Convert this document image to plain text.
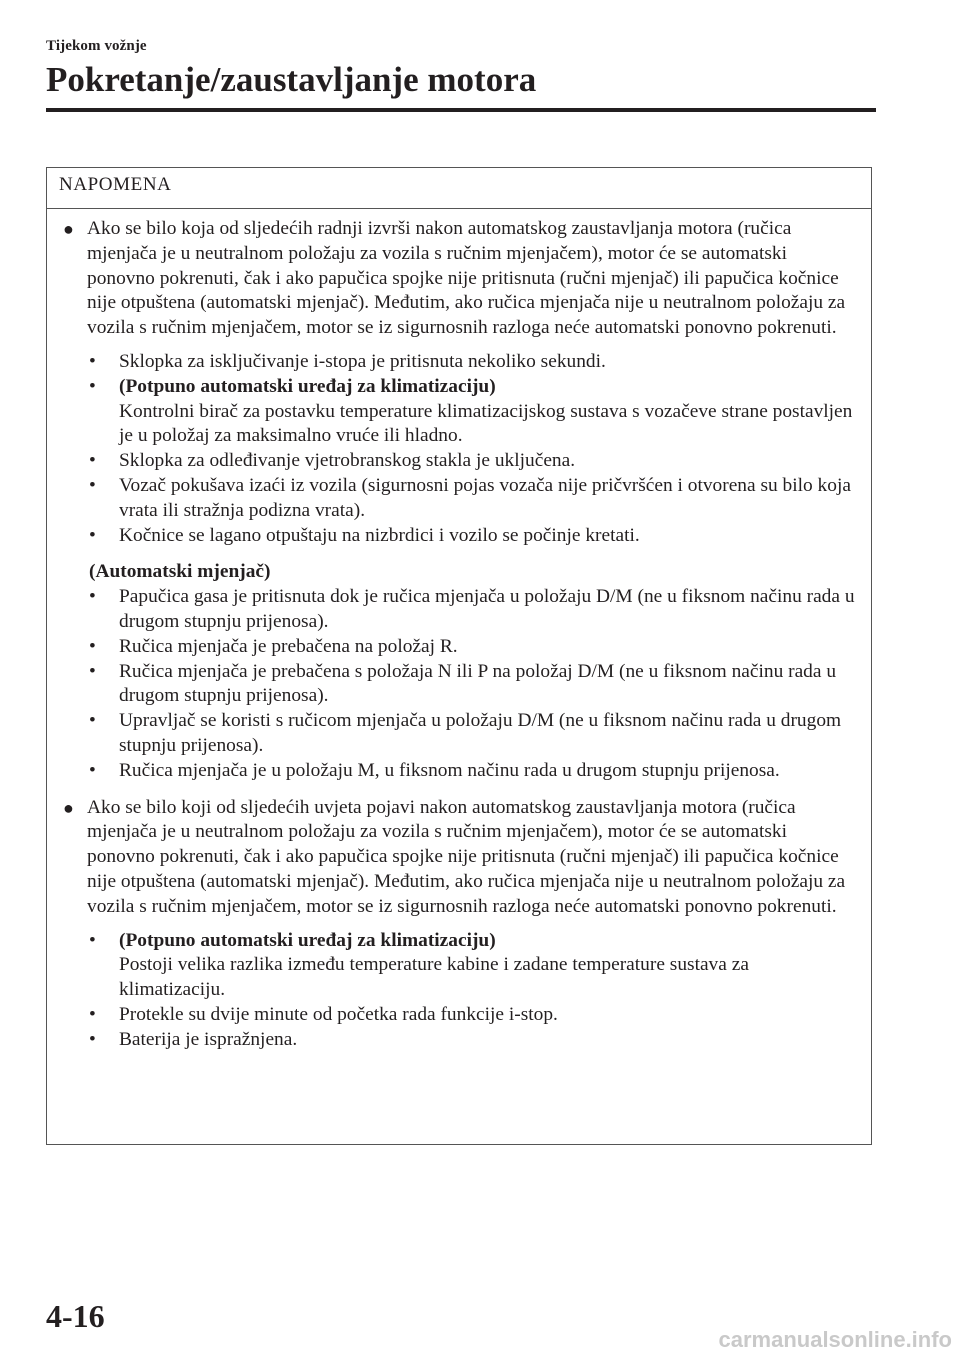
Tijekom vožnje
Pokretanje/zaustavljanje motora
NAPOMENA
● Ako se bilo koja od sljedećih radnji izvrši nakon automatskog zaustavljanja motora (ručica mjenjača je u neutralnom položaju za vozila s ručnim mjenjačem), motor će se automatski ponovno pokrenuti, čak i ako papučica spojke nije pritisnuta (ručni mjenjač) ili papučica kočnice nije otpuštena (automatski mjenjač). Međutim, ako ručica mjenjača nije u neutralnom položaju za vozila s ručnim mjenjačem, motor se iz sigurnosnih razloga neće automatski ponovno pokrenuti.
• Sklopka za isključivanje i-stopa je pritisnuta nekoliko sekundi.
• (Potpuno automatski uređaj za klimatizaciju)
Kontrolni birač za postavku temperature klimatizacijskog sustava s vozačeve strane postavljen je u položaj za maksimalno vruće ili hladno.
• Sklopka za odleđivanje vjetrobranskog stakla je uključena.
• Vozač pokušava izaći iz vozila (sigurnosni pojas vozača nije pričvršćen i otvorena su bilo koja vrata ili stražnja podizna vrata).
• Kočnice se lagano otpuštaju na nizbrdici i vozilo se počinje kretati.
(Automatski mjenjač)
• Papučica gasa je pritisnuta dok je ručica mjenjača u položaju D/M (ne u fiksnom načinu rada u drugom stupnju prijenosa).
• Ručica mjenjača je prebačena na položaj R.
• Ručica mjenjača je prebačena s položaja N ili P na položaj D/M (ne u fiksnom načinu rada u drugom stupnju prijenosa).
• Upravljač se koristi s ručicom mjenjača u položaju D/M (ne u fiksnom načinu rada u drugom stupnju prijenosa).
• Ručica mjenjača je u položaju M, u fiksnom načinu rada u drugom stupnju prijenosa.
● Ako se bilo koji od sljedećih uvjeta pojavi nakon automatskog zaustavljanja motora (ručica mjenjača je u neutralnom položaju za vozila s ručnim mjenjačem), motor će se automatski ponovno pokrenuti, čak i ako papučica spojke nije pritisnuta (ručni mjenjač) ili papučica kočnice nije otpuštena (automatski mjenjač). Međutim, ako ručica mjenjača nije u neutralnom položaju za vozila s ručnim mjenjačem, motor se iz sigurnosnih razloga neće automatski ponovno pokrenuti.
• (Potpuno automatski uređaj za klimatizaciju)
Postoji velika razlika između temperature kabine i zadane temperature sustava za klimatizaciju.
• Protekle su dvije minute od početka rada funkcije i-stop.
• Baterija je ispražnjena.
4-16
carmanualsonline.info
